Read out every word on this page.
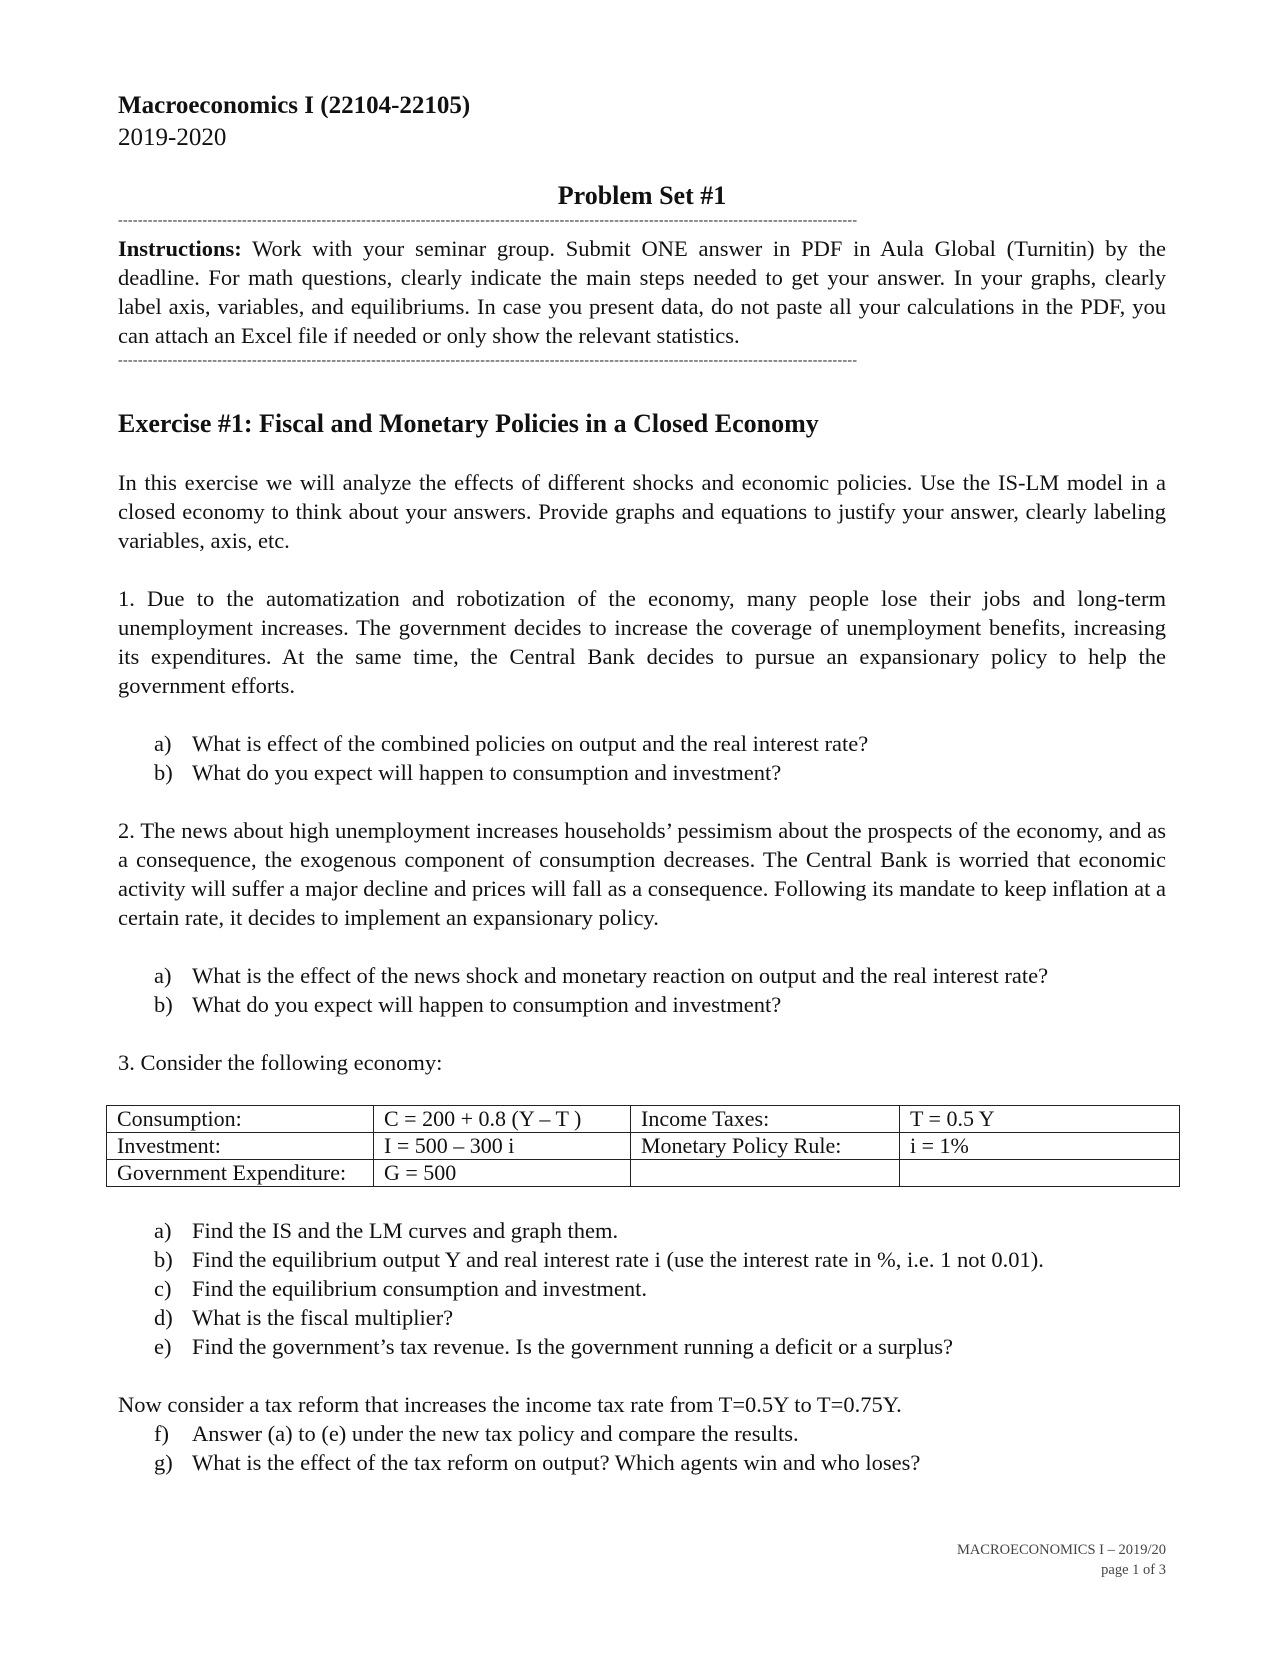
Macroeconomics I (22104-22105)

2019-2020

Problem Set #1

-----------------------------------------------------------------------------------------------------------------------------------------------------

Instructions: Work with your seminar group. Submit ONE answer in PDF in Aula Global (Turnitin) by the deadline. For math questions, clearly indicate the main steps needed to get your answer. In your graphs, clearly label axis, variables, and equilibriums. In case you present data, do not paste all your calculations in the PDF, you can attach an Excel file if needed or only show the relevant statistics.

-----------------------------------------------------------------------------------------------------------------------------------------------------

Exercise #1: Fiscal and Monetary Policies in a Closed Economy

In this exercise we will analyze the effects of different shocks and economic policies. Use the IS-LM model in a closed economy to think about your answers. Provide graphs and equations to justify your answer, clearly labeling variables, axis, etc.

1. Due to the automatization and robotization of the economy, many people lose their jobs and long-term unemployment increases. The government decides to increase the coverage of unemployment benefits, increasing its expenditures. At the same time, the Central Bank decides to pursue an expansionary policy to help the government efforts.

a) What is effect of the combined policies on output and the real interest rate?
b) What do you expect will happen to consumption and investment?

2. The news about high unemployment increases households’ pessimism about the prospects of the economy, and as a consequence, the exogenous component of consumption decreases. The Central Bank is worried that economic activity will suffer a major decline and prices will fall as a consequence. Following its mandate to keep inflation at a certain rate, it decides to implement an expansionary policy.

a) What is the effect of the news shock and monetary reaction on output and the real interest rate?
b) What do you expect will happen to consumption and investment?

3. Consider the following economy:

Consumption:	C = 200 + 0.8 (Y – T )	Income Taxes:	T = 0.5 Y
Investment:	I = 500 – 300 i	Monetary Policy Rule:	i = 1%
Government Expenditure:	G = 500		
a) Find the IS and the LM curves and graph them.
b) Find the equilibrium output Y and real interest rate i (use the interest rate in %, i.e. 1 not 0.01).
c) Find the equilibrium consumption and investment.
d) What is the fiscal multiplier?
e) Find the government’s tax revenue. Is the government running a deficit or a surplus?

Now consider a tax reform that increases the income tax rate from T=0.5Y to T=0.75Y.

f)	Answer (a) to (e) under the new tax policy and compare the results.
g) What is the effect of the tax reform on output? Which agents win and who loses?
MACROECONOMICS I – 2019/20
page 1 of 3
